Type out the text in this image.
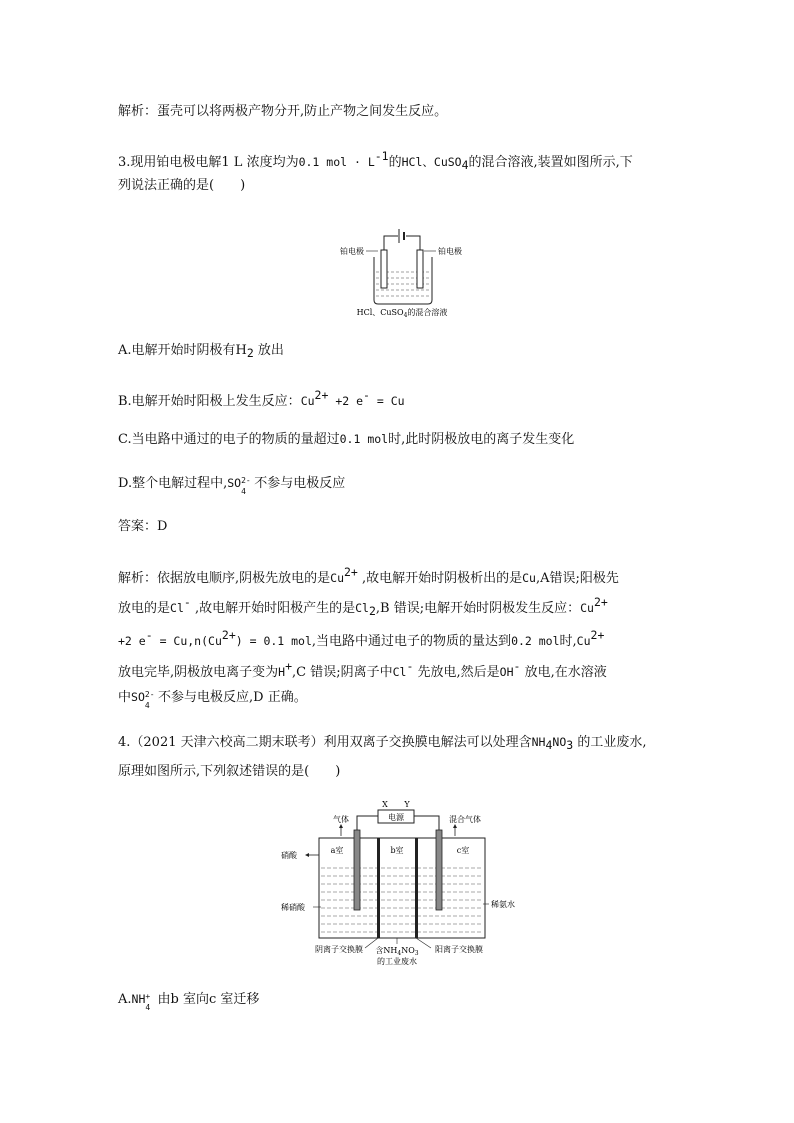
解析：蛋壳可以将两极产物分开,防止产物之间发生反应。
3.现用铂电极电解1 L 浓度均为0.1 mol · $L^{-1}$的HCl、CuSO$_4$的混合溶液,装置如图所示,下
列说法正确的是(　　)
铂电极	铂电极
HCl、CuSO$_4$的混合溶液
A.电解开始时阴极有$H_2$ 放出
B.电解开始时阳极上发生反应：$Cu^{2+} +2$ e- = Cu
C.当电路中通过的电子的物质的量超过0.1 mol时,此时阴极放电的离子发生变化
D.整个电解过程中,SO 2-
4
不参与电极反应
答案：D
解析：依据放电顺序,阴极先放电的是$Cu^{2+}$ ,故电解开始时阴极析出的是Cu,A错误;阳极先
放电的是Cl- ,故电解开始时阳极产生的是$Cl_2,B$ 错误;电解开始时阴极发生反应：$Cu^{2+}$
+2 $e^- = Cu,n(Cu^{2+}) = 0.1$ mol,当电路中通过电子的物质的量达到0.2 mol时$,Cu^{2+}$
放电完毕,阴极放电离子变为H+,C 错误;阴离子中Cl- 先放电,然后是OH- 放电,在水溶液
中SO 2-
4
不参与电极反应,D 正确。
4.（2021 天津六校高二期末联考）利用双离子交换膜电解法可以处理含$NH_4NO_3$ 的工业废水,
原理如图所示,下列叙述错误的是(　　)
X Y
电源
气体	混合气体
a室	b室	c室
硝酸
稀硝酸	稀氨水
阴离子交换膜	阳离子交换膜
含$NH_4NO_3$
的工业废水
A.NH +
4
由b 室向c 室迁移
